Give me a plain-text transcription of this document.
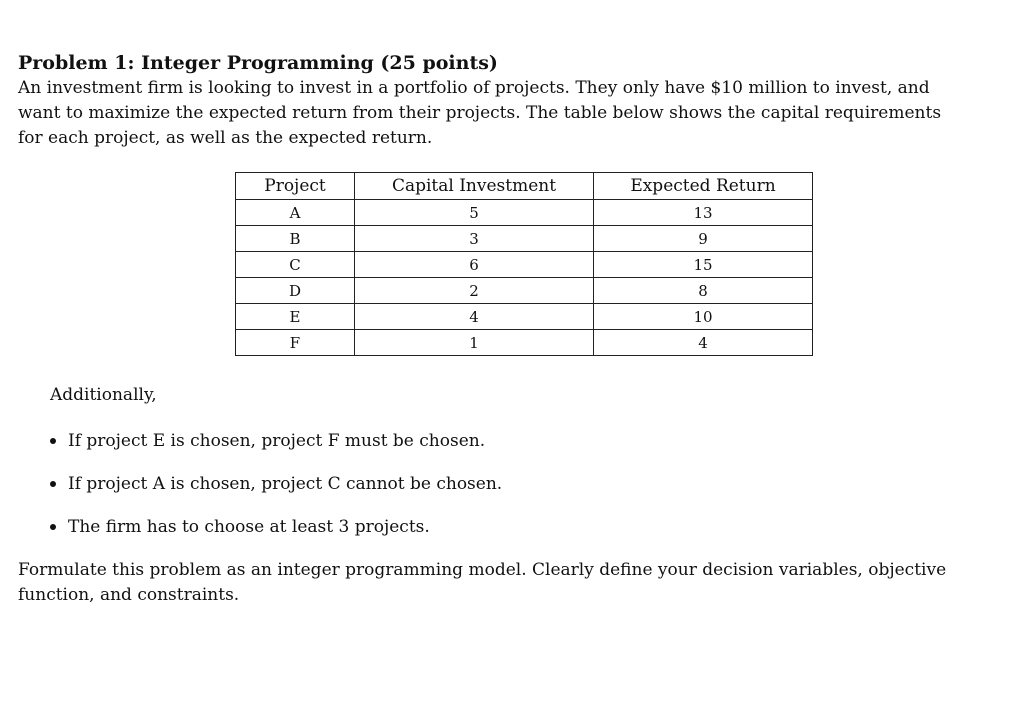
Problem 1: Integer Programming (25 points)

An investment firm is looking to invest in a portfolio of projects. They only have $10 million to invest, and
want to maximize the expected return from their projects. The table below shows the capital requirements
for each project, as well as the expected return.

Project	Capital Investment	Expected Return
A	5	13
B	3	9
C	6	15
D	2	8
E	4	10
F	1	4

Additionally,

If project E is chosen, project F must be chosen.
If project A is chosen, project C cannot be chosen.
The firm has to choose at least 3 projects.

Formulate this problem as an integer programming model. Clearly define your decision variables, objective
function, and constraints.
